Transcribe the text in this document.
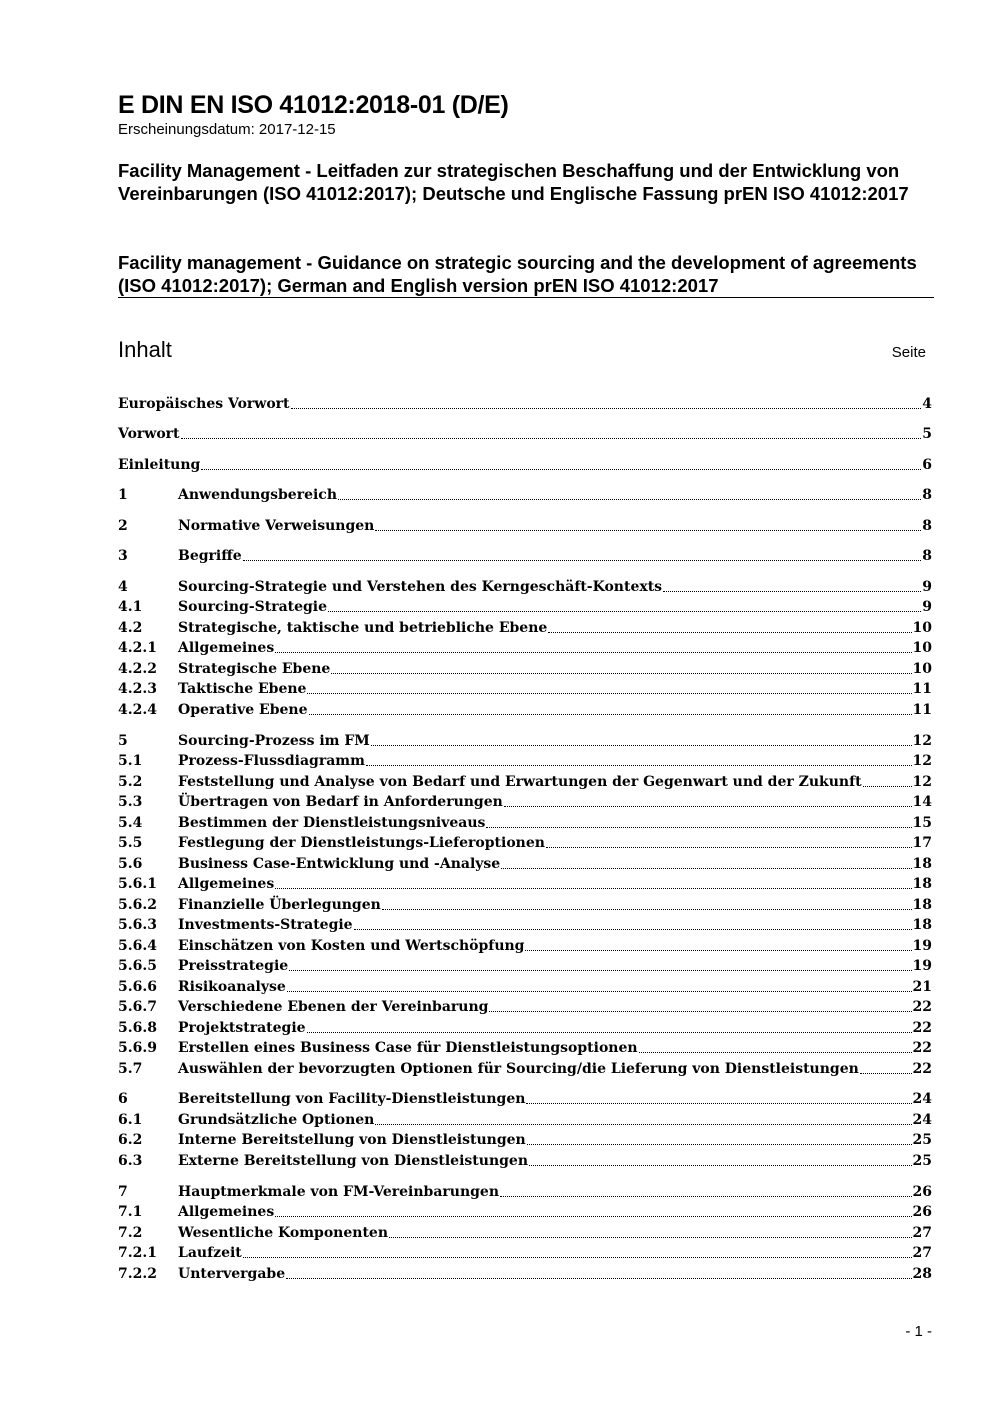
E DIN EN ISO 41012:2018-01 (D/E)
Erscheinungsdatum: 2017-12-15
Facility Management - Leitfaden zur strategischen Beschaffung und der Entwicklung von Vereinbarungen (ISO 41012:2017); Deutsche und Englische Fassung prEN ISO 41012:2017
Facility management - Guidance on strategic sourcing and the development of agreements (ISO 41012:2017); German and English version prEN ISO 41012:2017
Inhalt	Seite
Europäisches Vorwort	4
Vorwort	5
Einleitung	6
1	Anwendungsbereich	8
2	Normative Verweisungen	8
3	Begriffe	8
4	Sourcing-Strategie und Verstehen des Kerngeschäft-Kontexts	9
4.1	Sourcing-Strategie	9
4.2	Strategische, taktische und betriebliche Ebene	10
4.2.1	Allgemeines	10
4.2.2	Strategische Ebene	10
4.2.3	Taktische Ebene	11
4.2.4	Operative Ebene	11
5	Sourcing-Prozess im FM	12
5.1	Prozess-Flussdiagramm	12
5.2	Feststellung und Analyse von Bedarf und Erwartungen der Gegenwart und der Zukunft	12
5.3	Übertragen von Bedarf in Anforderungen	14
5.4	Bestimmen der Dienstleistungsniveaus	15
5.5	Festlegung der Dienstleistungs-Lieferoptionen	17
5.6	Business Case-Entwicklung und -Analyse	18
5.6.1	Allgemeines	18
5.6.2	Finanzielle Überlegungen	18
5.6.3	Investments-Strategie	18
5.6.4	Einschätzen von Kosten und Wertschöpfung	19
5.6.5	Preisstrategie	19
5.6.6	Risikoanalyse	21
5.6.7	Verschiedene Ebenen der Vereinbarung	22
5.6.8	Projektstrategie	22
5.6.9	Erstellen eines Business Case für Dienstleistungsoptionen	22
5.7	Auswählen der bevorzugten Optionen für Sourcing/die Lieferung von Dienstleistungen	22
6	Bereitstellung von Facility-Dienstleistungen	24
6.1	Grundsätzliche Optionen	24
6.2	Interne Bereitstellung von Dienstleistungen	25
6.3	Externe Bereitstellung von Dienstleistungen	25
7	Hauptmerkmale von FM-Vereinbarungen	26
7.1	Allgemeines	26
7.2	Wesentliche Komponenten	27
7.2.1	Laufzeit	27
7.2.2	Untervergabe	28
- 1 -
